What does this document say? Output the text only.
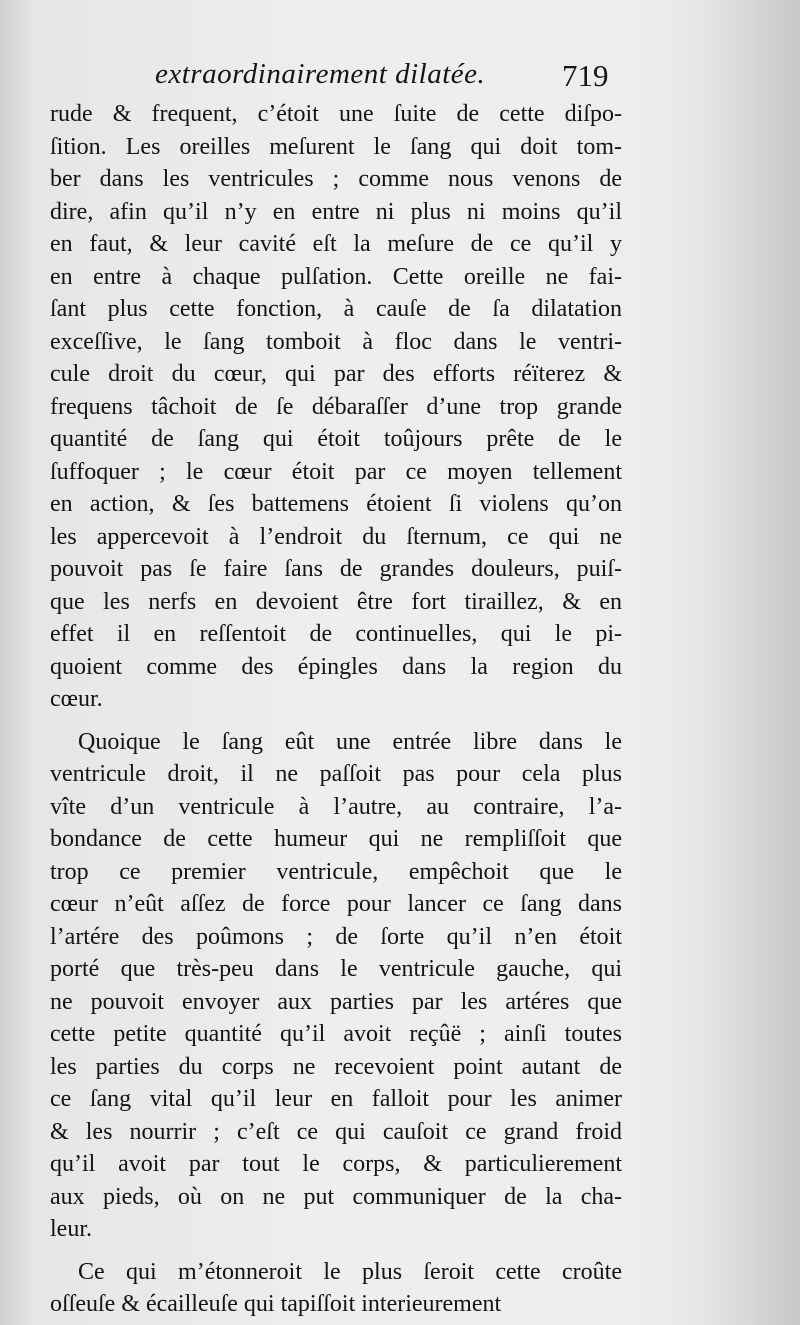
extraordinairement dilatée. 719
rude & frequent, c’étoit une ſuite de cette diſpo-
ſition. Les oreilles meſurent le ſang qui doit tom-
ber dans les ventricules ; comme nous venons de
dire, afin qu’il n’y en entre ni plus ni moins qu’il
en faut, & leur cavité eſt la meſure de ce qu’il y
en entre à chaque pulſation. Cette oreille ne fai-
ſant plus cette fonction, à cauſe de ſa dilatation
exceſſive, le ſang tomboit à floc dans le ventri-
cule droit du cœur, qui par des efforts réïterez &
frequens tâchoit de ſe débaraſſer d’une trop grande
quantité de ſang qui étoit toûjours prête de le
ſuffoquer ; le cœur étoit par ce moyen tellement
en action, & ſes battemens étoient ſi violens qu’on
les appercevoit à l’endroit du ſternum, ce qui ne
pouvoit pas ſe faire ſans de grandes douleurs, puiſ-
que les nerfs en devoient être fort tiraillez, & en
effet il en reſſentoit de continuelles, qui le pi-
quoient comme des épingles dans la region du
cœur.
Quoique le ſang eût une entrée libre dans le
ventricule droit, il ne paſſoit pas pour cela plus
vîte d’un ventricule à l’autre, au contraire, l’a-
bondance de cette humeur qui ne rempliſſoit que
trop ce premier ventricule, empêchoit que le
cœur n’eût aſſez de force pour lancer ce ſang dans
l’artére des poûmons ; de ſorte qu’il n’en étoit
porté que très-peu dans le ventricule gauche, qui
ne pouvoit envoyer aux parties par les artéres que
cette petite quantité qu’il avoit reçûë ; ainſi toutes
les parties du corps ne recevoient point autant de
ce ſang vital qu’il leur en falloit pour les animer
& les nourrir ; c’eſt ce qui cauſoit ce grand froid
qu’il avoit par tout le corps, & particulierement
aux pieds, où on ne put communiquer de la cha-
leur.
Ce qui m’étonneroit le plus ſeroit cette croûte
oſſeuſe & écailleuſe qui tapiſſoit interieurement
